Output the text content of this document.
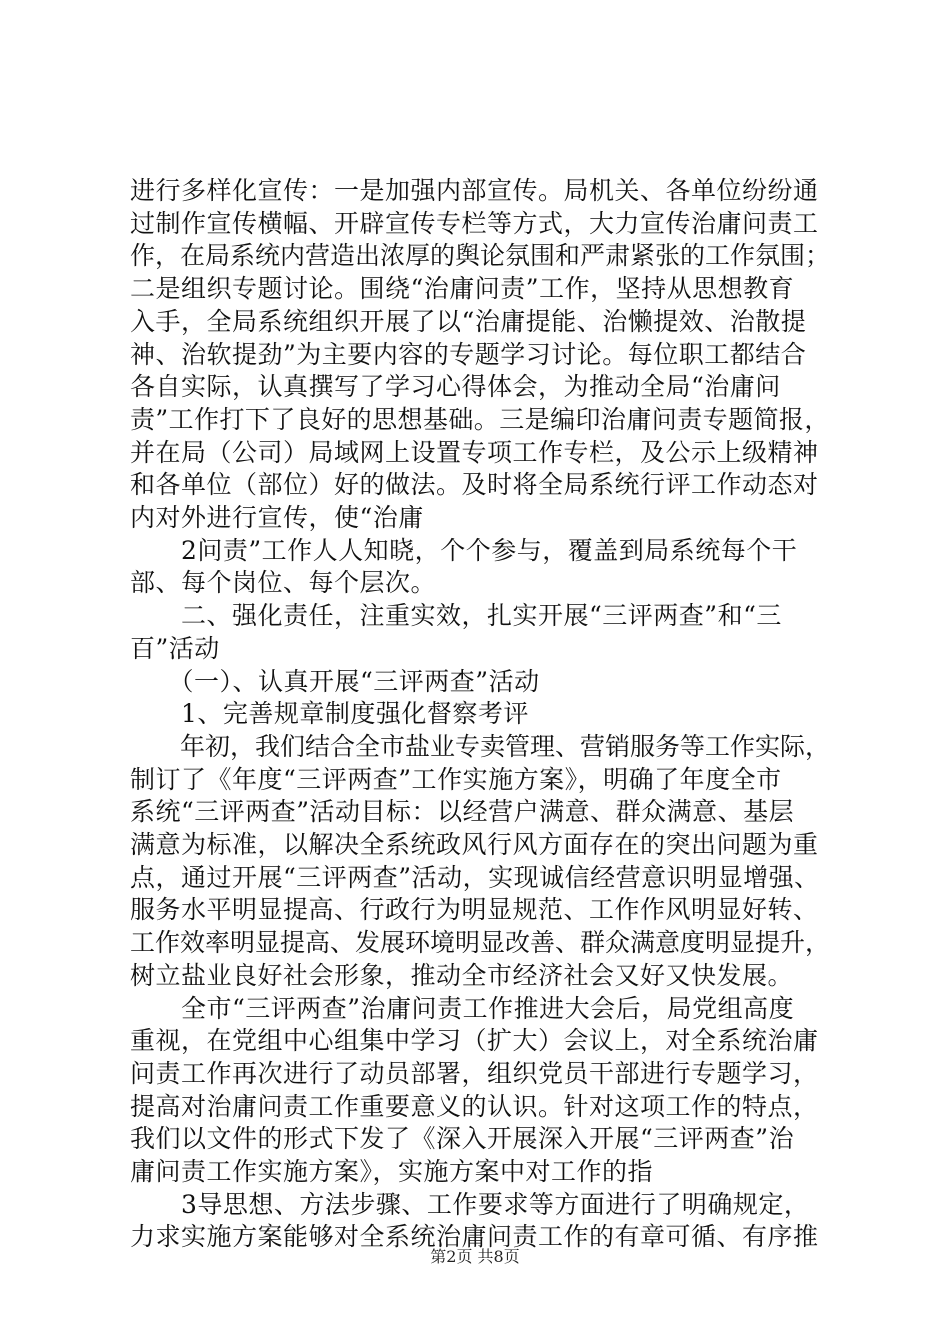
进行多样化宣传：一是加强内部宣传。局机关、各单位纷纷通
过制作宣传横幅、开辟宣传专栏等方式，大力宣传治庸问责工
作，在局系统内营造出浓厚的舆论氛围和严肃紧张的工作氛围；
二是组织专题讨论。围绕“治庸问责”工作，坚持从思想教育
入手，全局系统组织开展了以“治庸提能、治懒提效、治散提
神、治软提劲”为主要内容的专题学习讨论。每位职工都结合
各自实际，认真撰写了学习心得体会，为推动全局“治庸问
责”工作打下了良好的思想基础。三是编印治庸问责专题简报，
并在局（公司）局域网上设置专项工作专栏，及公示上级精神
和各单位（部位）好的做法。及时将全局系统行评工作动态对
内对外进行宣传，使“治庸
　　2问责”工作人人知晓，个个参与，覆盖到局系统每个干
部、每个岗位、每个层次。
　　二、强化责任，注重实效，扎实开展“三评两查”和“三
百”活动
　　（一）、认真开展“三评两查”活动
　　1、完善规章制度强化督察考评
　　年初，我们结合全市盐业专卖管理、营销服务等工作实际，
制订了《年度“三评两查”工作实施方案》，明确了年度全市
系统“三评两查”活动目标：以经营户满意、群众满意、基层
满意为标准，以解决全系统政风行风方面存在的突出问题为重
点，通过开展“三评两查”活动，实现诚信经营意识明显增强、
服务水平明显提高、行政行为明显规范、工作作风明显好转、
工作效率明显提高、发展环境明显改善、群众满意度明显提升，
树立盐业良好社会形象，推动全市经济社会又好又快发展。
　　全市“三评两查”治庸问责工作推进大会后，局党组高度
重视，在党组中心组集中学习（扩大）会议上，对全系统治庸
问责工作再次进行了动员部署，组织党员干部进行专题学习，
提高对治庸问责工作重要意义的认识。针对这项工作的特点，
我们以文件的形式下发了《深入开展深入开展“三评两查”治
庸问责工作实施方案》，实施方案中对工作的指
　　3导思想、方法步骤、工作要求等方面进行了明确规定，
力求实施方案能够对全系统治庸问责工作的有章可循、有序推
第2页 共8页
